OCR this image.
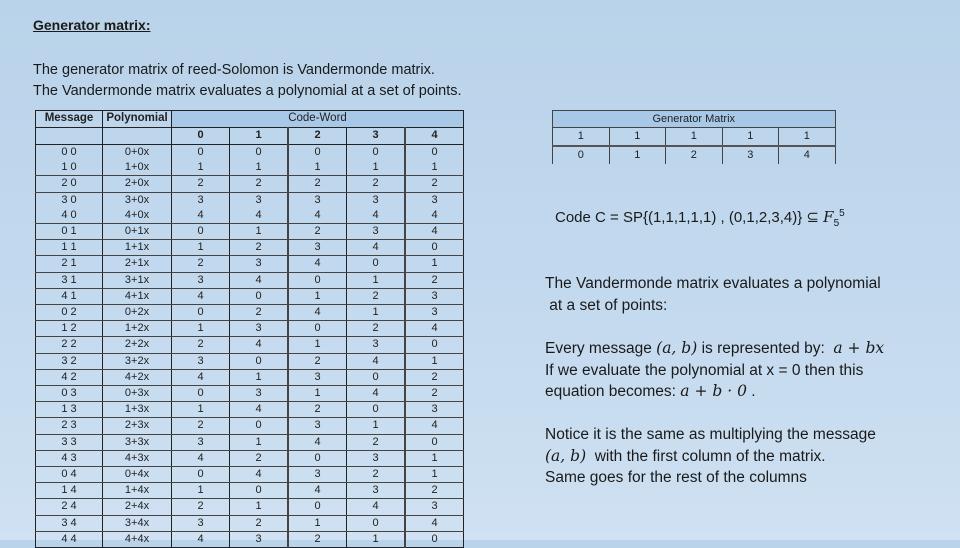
Generator matrix:
The generator matrix of reed-Solomon is Vandermonde matrix.
The Vandermonde matrix evaluates a polynomial at a set of points.
Message	Polynomial	Code-Word				
		0	1	2	3	4
0 0	0+0x	0	0	0	0	0
1 0	1+0x	1	1	1	1	1
2 0	2+0x	2	2	2	2	2
3 0	3+0x	3	3	3	3	3
4 0	4+0x	4	4	4	4	4
0 1	0+1x	0	1	2	3	4
1 1	1+1x	1	2	3	4	0
2 1	2+1x	2	3	4	0	1
3 1	3+1x	3	4	0	1	2
4 1	4+1x	4	0	1	2	3
0 2	0+2x	0	2	4	1	3
1 2	1+2x	1	3	0	2	4
2 2	2+2x	2	4	1	3	0
3 2	3+2x	3	0	2	4	1
4 2	4+2x	4	1	3	0	2
0 3	0+3x	0	3	1	4	2
1 3	1+3x	1	4	2	0	3
2 3	2+3x	2	0	3	1	4
3 3	3+3x	3	1	4	2	0
4 3	4+3x	4	2	0	3	1
0 4	0+4x	0	4	3	2	1
1 4	1+4x	1	0	4	3	2
2 4	2+4x	2	1	0	4	3
3 4	3+4x	3	2	1	0	4
4 4	4+4x	4	3	2	1	0
Generator Matrix				
1	1	1	1	1
0	1	2	3	4
Code C = SP{(1,1,1,1,1) , (0,1,2,3,4)} ⊆ $F_5^5$
The Vandermonde matrix evaluates a polynomial
at a set of points:
Every message (a, b) is represented by:  a + bx
If we evaluate the polynomial at x = 0 then this
equation becomes: a + b · 0 .
Notice it is the same as multiplying the message
(a, b)  with the first column of the matrix.
Same goes for the rest of the columns
